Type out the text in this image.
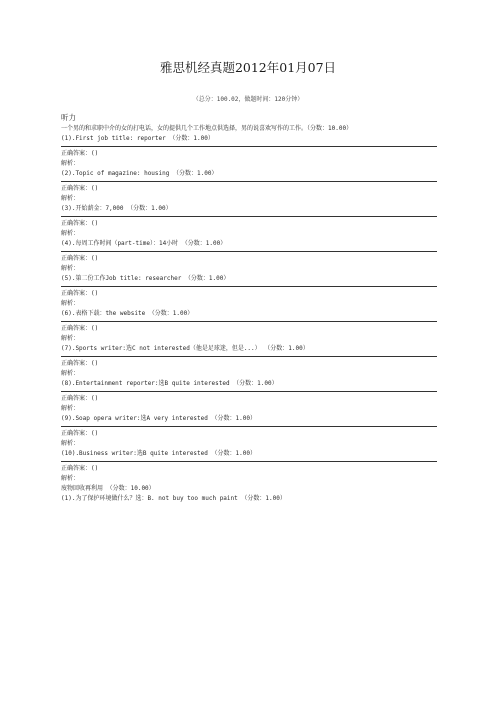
雅思机经真题2012年01月07日
（总分：100.02，做题时间：120分钟）
听力
一个男的和求职中介的女的打电话，女的提供几个工作地点供选择，男的说喜欢写作的工作。（分数：10.00）
(1).First job title: reporter （分数：1.00）
正确答案：()
解析：
(2).Topic of magazine: housing （分数：1.00）
正确答案：()
解析：
(3).开始薪金：7,000 （分数：1.00）
正确答案：()
解析：
(4).每周工作时间（part-time）：14小时 （分数：1.00）
正确答案：()
解析：
(5).第二份工作Job title: researcher （分数：1.00）
正确答案：()
解析：
(6).表格下载：the website （分数：1.00）
正确答案：()
解析：
(7).Sports writer:选C not interested（他是足球迷，但是...） （分数：1.00）
正确答案：()
解析：
(8).Entertainment reporter:选B quite interested （分数：1.00）
正确答案：()
解析：
(9).Soap opera writer:选A very interested （分数：1.00）
正确答案：()
解析：
(10).Business writer:选B quite interested （分数：1.00）
正确答案：()
解析：
废物回收再利用 （分数：10.00）
(1).为了保护环境做什么？选：B. not buy too much paint （分数：1.00）
